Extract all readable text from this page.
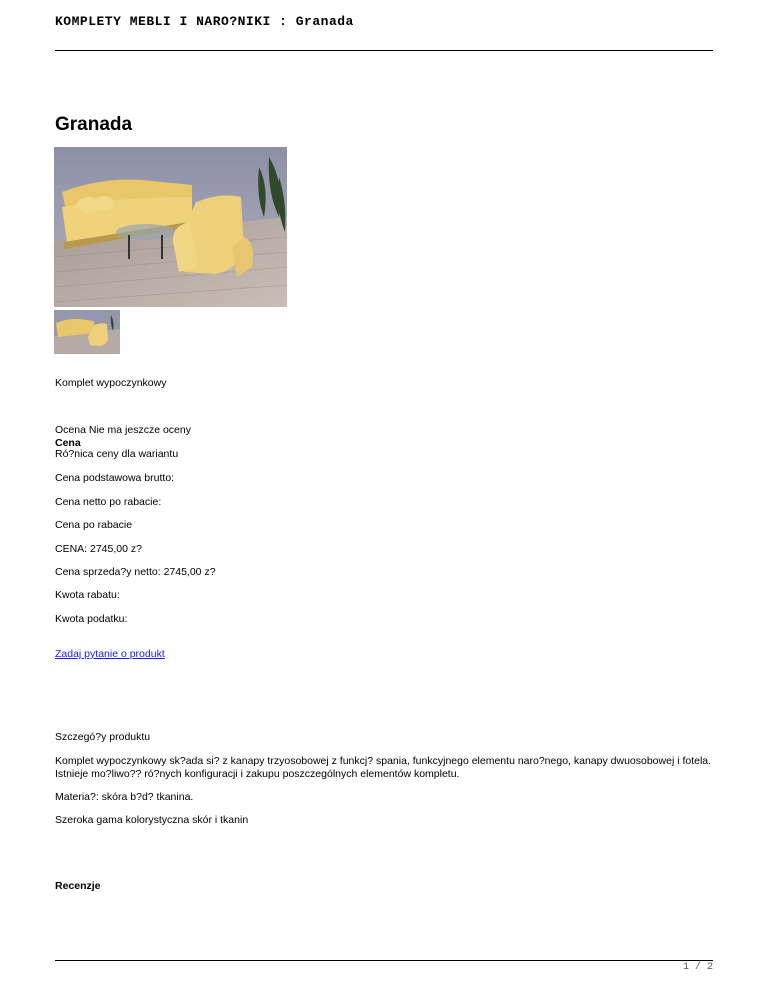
KOMPLETY MEBLI I NARO?NIKI : Granada
Granada

Komplet wypoczynkowy

Ocena Nie ma jeszcze oceny
Cena
Ró?nica ceny dla wariantu

Cena podstawowa brutto:

Cena netto po rabacie:

Cena po rabacie

CENA: 2745,00 z?

Cena sprzeda?y netto: 2745,00 z?

Kwota rabatu:

Kwota podatku:

Zadaj pytanie o produkt

Szczegó?y produktu

Komplet wypoczynkowy sk?ada si? z kanapy trzyosobowej z funkcj? spania, funkcyjnego elementu naro?nego, kanapy dwuosobowej i fotela.

Istnieje mo?liwo?? ró?nych konfiguracji i zakupu poszczególnych elementów kompletu.

Materia?: skóra b?d? tkanina.

Szeroka gama kolorystyczna skór i tkanin

Recenzje

1 / 2
